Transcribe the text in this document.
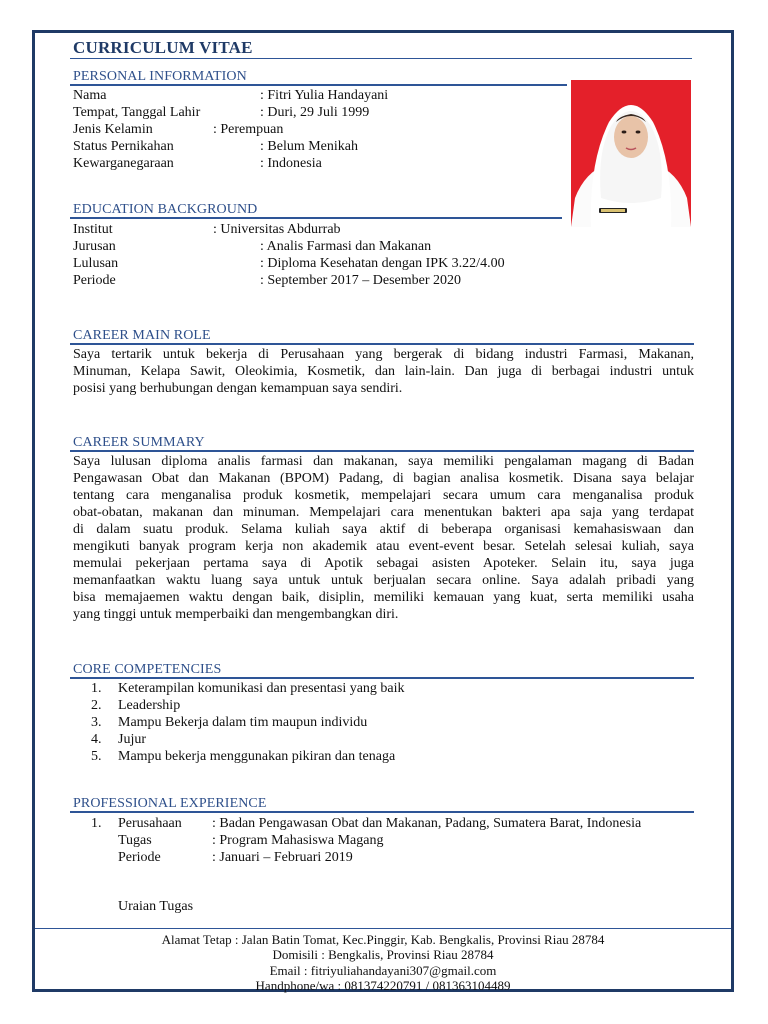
CURRICULUM VITAE
PERSONAL INFORMATION
Nama	: Fitri Yulia Handayani
Tempat, Tanggal Lahir	: Duri, 29 Juli 1999
Jenis Kelamin	: Perempuan
Status Pernikahan	: Belum Menikah
Kewarganegaraan	: Indonesia
EDUCATION BACKGROUND
Institut	: Universitas Abdurrab
Jurusan	: Analis Farmasi dan Makanan
Lulusan	: Diploma Kesehatan dengan IPK 3.22/4.00
Periode	: September 2017 – Desember 2020
CAREER MAIN ROLE
Saya tertarik untuk bekerja di Perusahaan yang bergerak di bidang industri Farmasi, Makanan,
Minuman, Kelapa Sawit, Oleokimia, Kosmetik, dan lain-lain. Dan juga di berbagai industri untuk
posisi yang berhubungan dengan kemampuan saya sendiri.
CAREER SUMMARY
Saya lulusan diploma analis farmasi dan makanan, saya memiliki pengalaman magang di Badan
Pengawasan Obat dan Makanan (BPOM) Padang, di bagian analisa kosmetik. Disana saya belajar
tentang cara menganalisa produk kosmetik, mempelajari secara umum cara menganalisa produk
obat-obatan, makanan dan minuman. Mempelajari cara menentukan bakteri apa saja yang terdapat
di dalam suatu produk. Selama kuliah saya aktif di beberapa organisasi kemahasiswaan dan
mengikuti banyak program kerja non akademik atau event-event besar. Setelah selesai kuliah, saya
memulai pekerjaan pertama saya di Apotik sebagai asisten Apoteker. Selain itu, saya juga
memanfaatkan waktu luang saya untuk untuk berjualan secara online. Saya adalah pribadi yang
bisa memajaemen waktu dengan baik, disiplin, memiliki kemauan yang kuat, serta memiliki usaha
yang tinggi untuk memperbaiki dan mengembangkan diri.
CORE COMPETENCIES
1. Keterampilan komunikasi dan presentasi yang baik
2. Leadership
3. Mampu Bekerja dalam tim maupun individu
4. Jujur
5. Mampu bekerja menggunakan pikiran dan tenaga
PROFESSIONAL EXPERIENCE
1. Perusahaan : Badan Pengawasan Obat dan Makanan, Padang, Sumatera Barat, Indonesia
Tugas	: Program Mahasiswa Magang
Periode	: Januari – Februari 2019
Uraian Tugas
Alamat Tetap : Jalan Batin Tomat, Kec.Pinggir, Kab. Bengkalis, Provinsi Riau 28784
Domisili : Bengkalis, Provinsi Riau 28784
Email : fitriyuliahandayani307@gmail.com
Handphone/wa : 081374220791 / 081363104489
